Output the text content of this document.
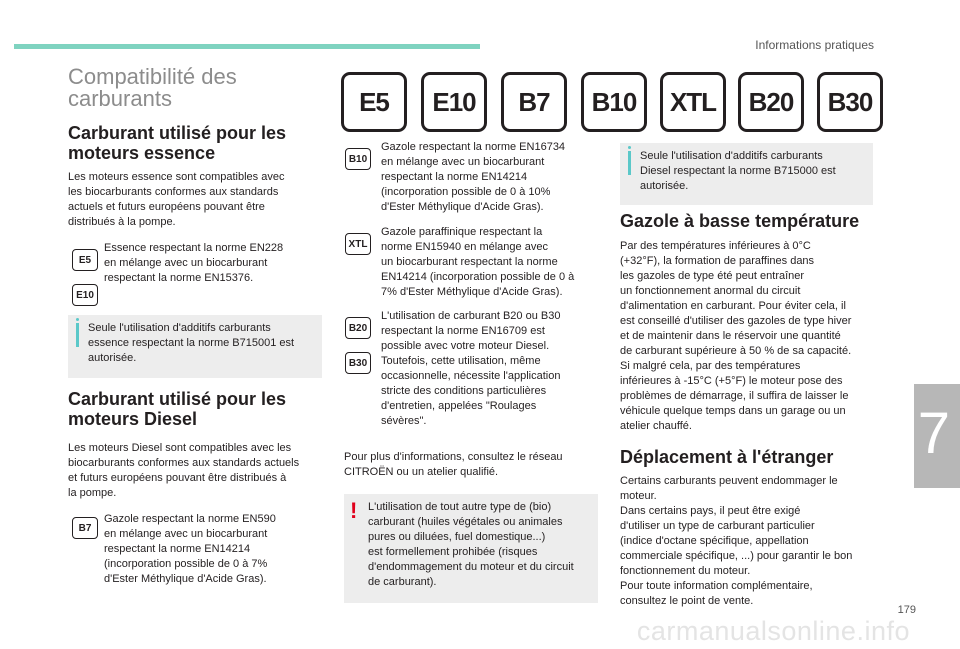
Informations pratiques
7
Compatibilité des
carburants	E5	E10	B7	B10	XTL	B20	B30
Carburant utilisé pour les
moteurs essence
Les moteurs essence sont compatibles avec
les biocarburants conformes aux standards
actuels et futurs européens pouvant être
distribués à la pompe.
E5
E10
Essence respectant la norme EN228
en mélange avec un biocarburant
respectant la norme EN15376.
Seule l'utilisation d'additifs carburants
essence respectant la norme B715001 est
autorisée.
Carburant utilisé pour les
moteurs Diesel
Les moteurs Diesel sont compatibles avec les
biocarburants conformes aux standards actuels
et futurs européens pouvant être distribués à
la pompe.
B7
Gazole respectant la norme EN590
en mélange avec un biocarburant
respectant la norme EN14214
(incorporation possible de 0 à 7%
d'Ester Méthylique d'Acide Gras).
B10
Gazole respectant la norme EN16734
en mélange avec un biocarburant
respectant la norme EN14214
(incorporation possible de 0 à 10%
d'Ester Méthylique d'Acide Gras).
XTL
Gazole paraffinique respectant la
norme EN15940 en mélange avec
un biocarburant respectant la norme
EN14214 (incorporation possible de 0 à
7% d'Ester Méthylique d'Acide Gras).
B20
B30
L'utilisation de carburant B20 ou B30
respectant la norme EN16709 est
possible avec votre moteur Diesel.
Toutefois, cette utilisation, même
occasionnelle, nécessite l'application
stricte des conditions particulières
d'entretien, appelées "Roulages
sévères".
Pour plus d'informations, consultez le réseau
CITROËN ou un atelier qualifié.
! L'utilisation de tout autre type de (bio)
carburant (huiles végétales ou animales
pures ou diluées, fuel domestique...)
est formellement prohibée (risques
d'endommagement du moteur et du circuit
de carburant).
Seule l'utilisation d'additifs carburants
Diesel respectant la norme B715000 est
autorisée.
Gazole à basse température
Par des températures inférieures à 0°C
(+32°F), la formation de paraffines dans
les gazoles de type été peut entraîner
un fonctionnement anormal du circuit
d'alimentation en carburant. Pour éviter cela, il
est conseillé d'utiliser des gazoles de type hiver
et de maintenir dans le réservoir une quantité
de carburant supérieure à 50 % de sa capacité.
Si malgré cela, par des températures
inférieures à -15°C (+5°F) le moteur pose des
problèmes de démarrage, il suffira de laisser le
véhicule quelque temps dans un garage ou un
atelier chauffé.
Déplacement à l'étranger
Certains carburants peuvent endommager le
moteur.
Dans certains pays, il peut être exigé
d'utiliser un type de carburant particulier
(indice d'octane spécifique, appellation
commerciale spécifique, ...) pour garantir le bon
fonctionnement du moteur.
Pour toute information complémentaire,
consultez le point de vente.
179
carmanualsonline.info
